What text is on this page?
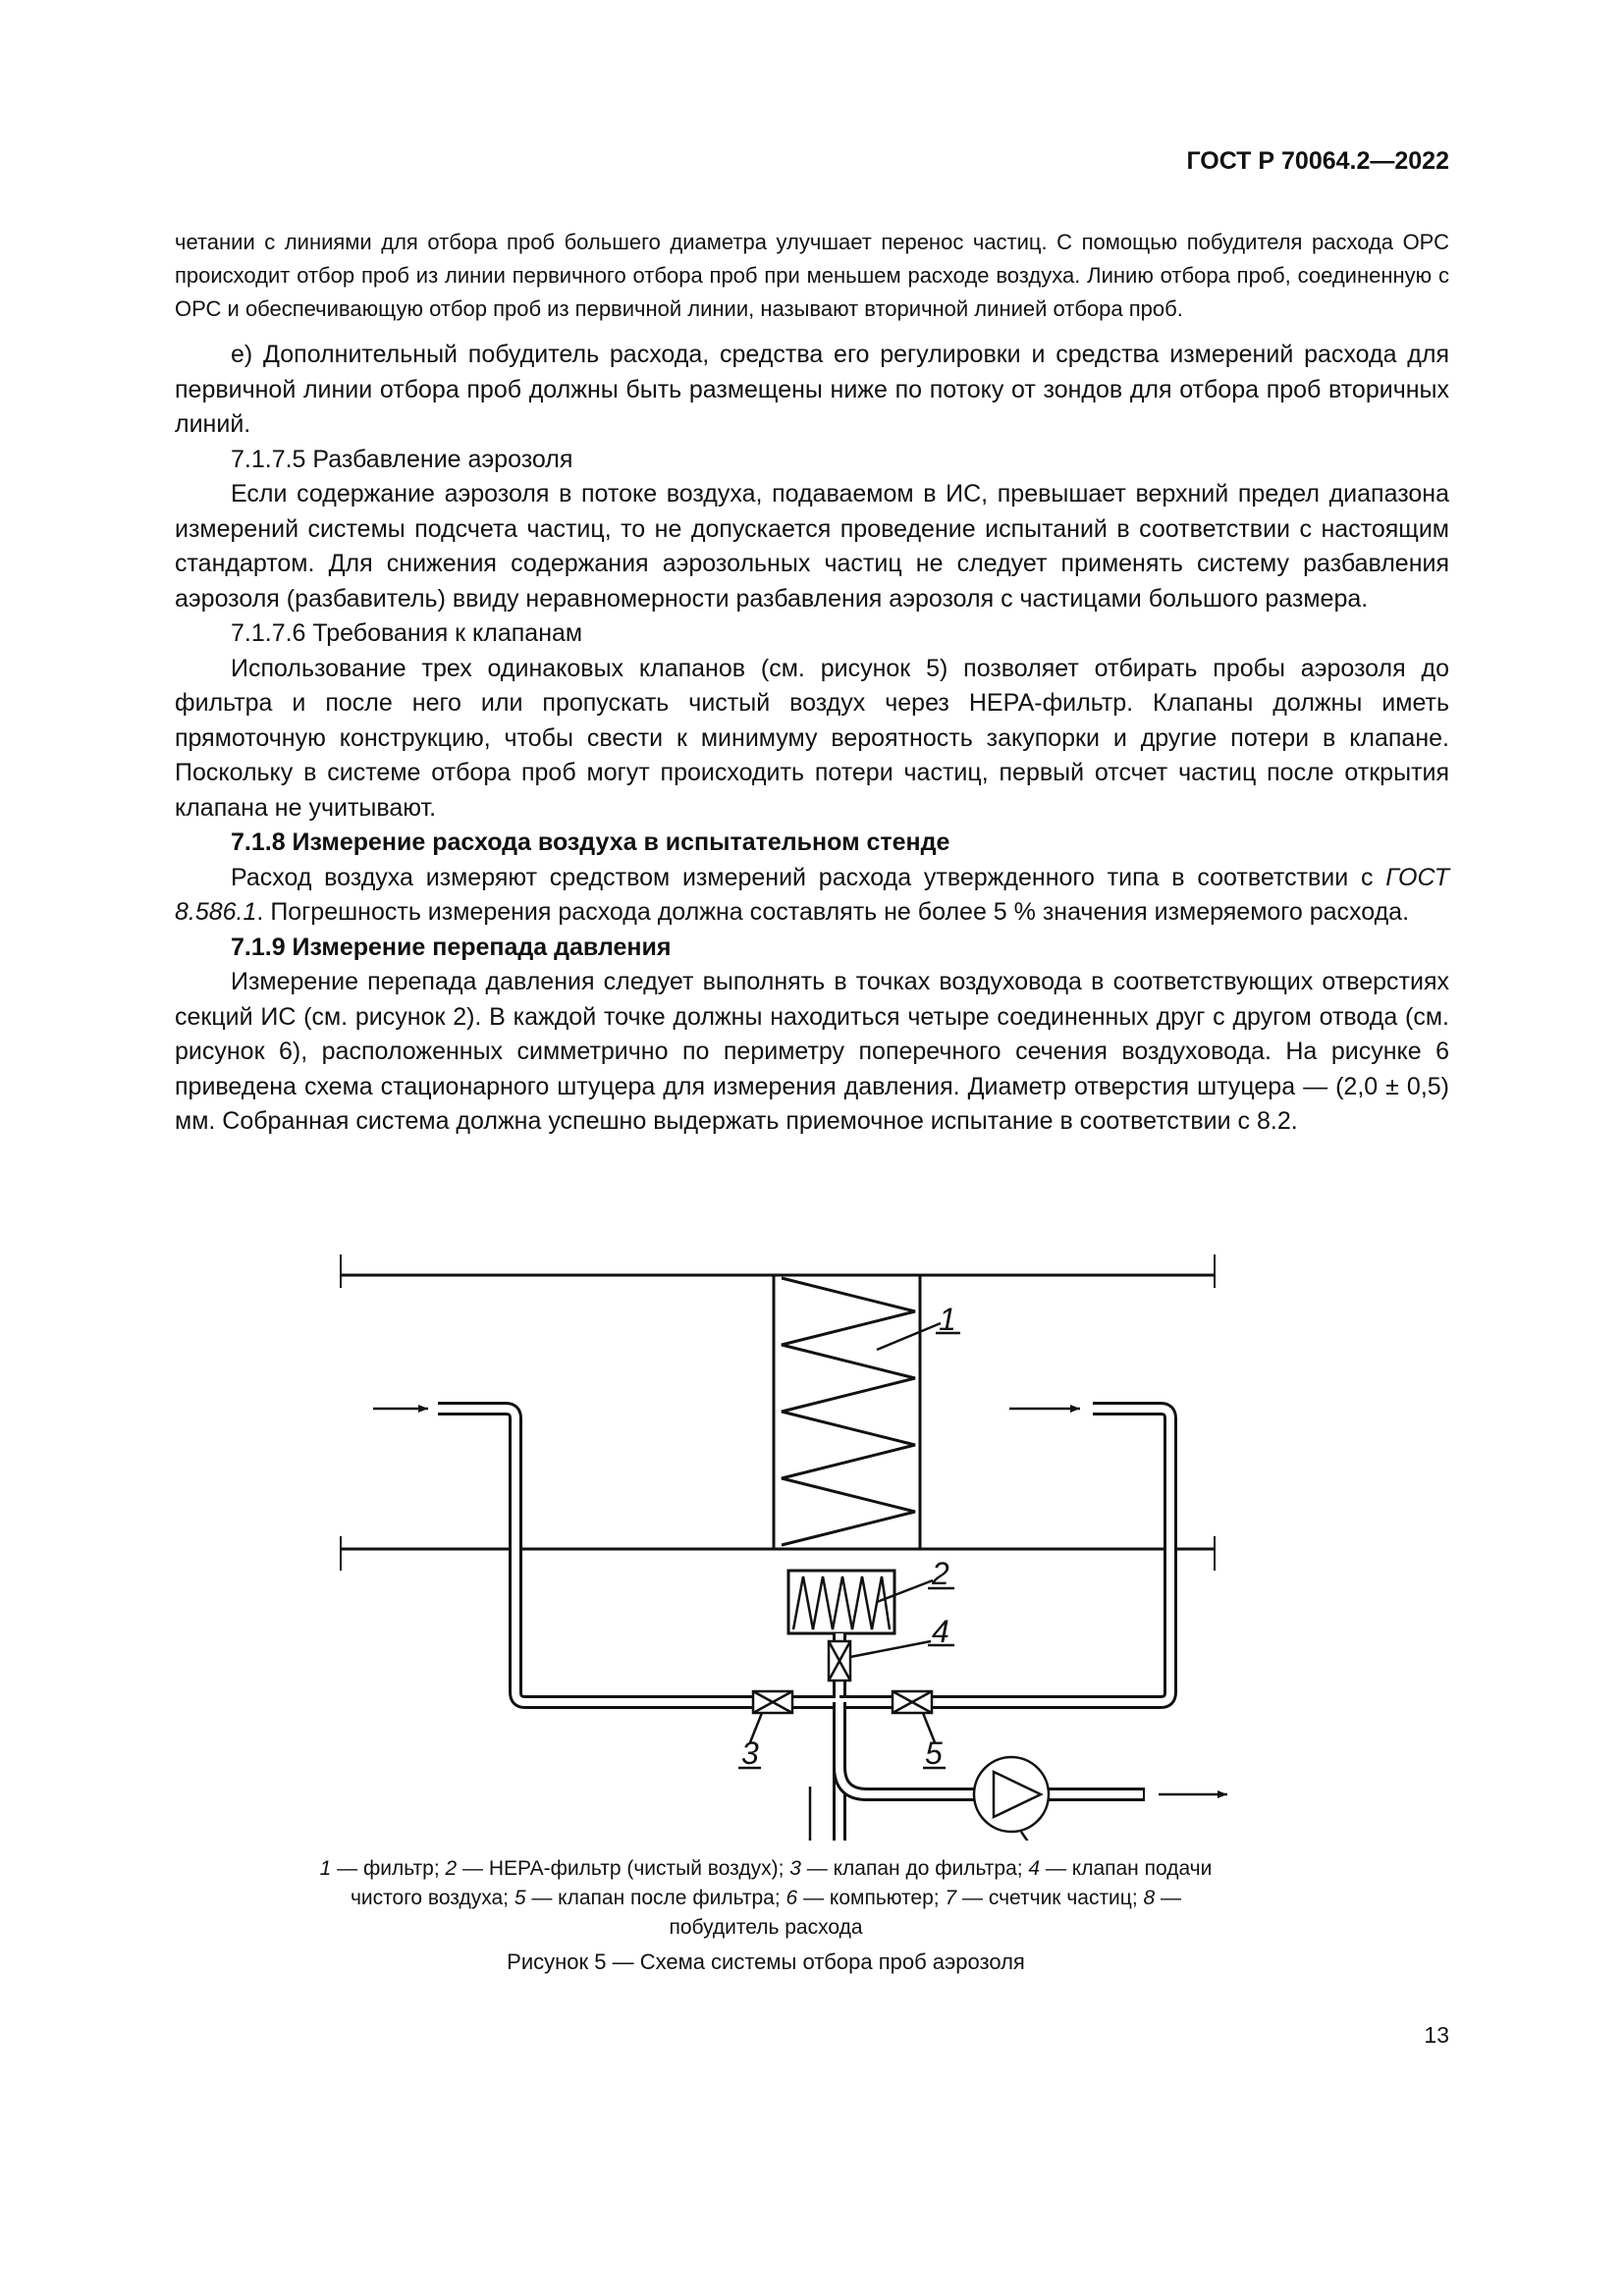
ГОСТ Р 70064.2—2022

четании с линиями для отбора проб большего диаметра улучшает перенос частиц. С помощью побудителя расхода ОРС происходит отбор проб из линии первичного отбора проб при меньшем расходе воздуха. Линию отбора проб, соединенную с ОРС и обеспечивающую отбор проб из первичной линии, называют вторичной линией отбора проб.

е) Дополнительный побудитель расхода, средства его регулировки и средства измерений расхода для первичной линии отбора проб должны быть размещены ниже по потоку от зондов для отбора проб вторичных линий.

7.1.7.5 Разбавление аэрозоля

Если содержание аэрозоля в потоке воздуха, подаваемом в ИС, превышает верхний предел диапазона измерений системы подсчета частиц, то не допускается проведение испытаний в соответствии с настоящим стандартом. Для снижения содержания аэрозольных частиц не следует применять систему разбавления аэрозоля (разбавитель) ввиду неравномерности разбавления аэрозоля с частицами большого размера.

7.1.7.6 Требования к клапанам

Использование трех одинаковых клапанов (см. рисунок 5) позволяет отбирать пробы аэрозоля до фильтра и после него или пропускать чистый воздух через НЕРА-фильтр. Клапаны должны иметь прямоточную конструкцию, чтобы свести к минимуму вероятность закупорки и другие потери в клапане. Поскольку в системе отбора проб могут происходить потери частиц, первый отсчет частиц после открытия клапана не учитывают.

7.1.8 Измерение расхода воздуха в испытательном стенде

Расход воздуха измеряют средством измерений расхода утвержденного типа в соответствии с ГОСТ 8.586.1. Погрешность измерения расхода должна составлять не более 5 % значения измеряемого расхода.

7.1.9 Измерение перепада давления

Измерение перепада давления следует выполнять в точках воздуховода в соответствующих отверстиях секций ИС (см. рисунок 2). В каждой точке должны находиться четыре соединенных друг с другом отвода (см. рисунок 6), расположенных симметрично по периметру поперечного сечения воздуховода. На рисунке 6 приведена схема стационарного штуцера для измерения давления. Диаметр отверстия штуцера — (2,0 ± 0,5) мм. Собранная система должна успешно выдержать приемочное испытание в соответствии с 8.2.

1
2
4
3	5

1 — фильтр; 2 — НЕРА-фильтр (чистый воздух); 3 — клапан до фильтра; 4 — клапан подачи чистого воздуха; 5 — клапан после фильтра; 6 — компьютер; 7 — счетчик частиц; 8 — побудитель расхода

Рисунок 5 — Схема системы отбора проб аэрозоля

13
